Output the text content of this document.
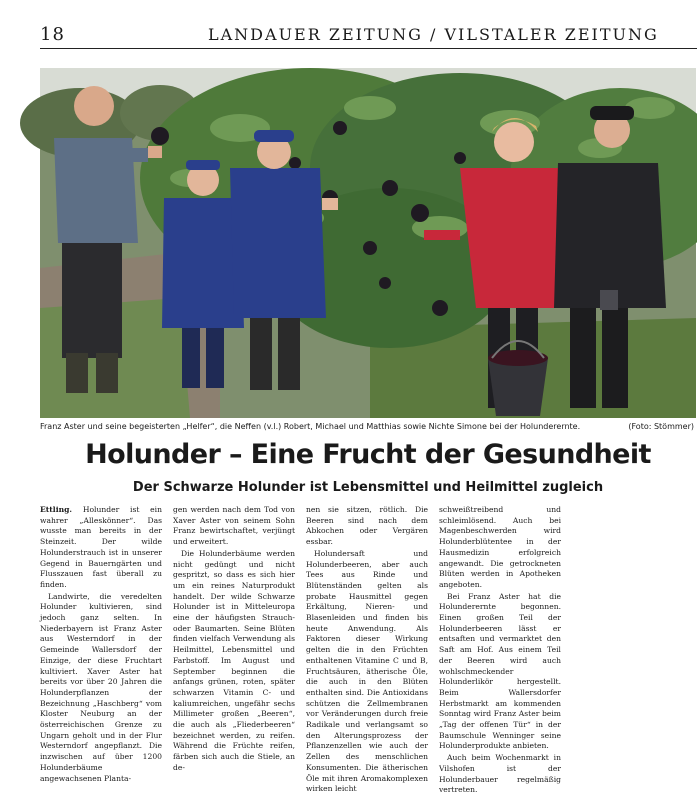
18	LANDAUER ZEITUNG / VILSTALER ZEITUNG
Franz Aster und seine begeisterten „Helfer“, die Neffen (v.l.) Robert, Michael und Matthias sowie Nichte Simone bei der Holunderernte.	(Foto: Stömmer)
Holunder – Eine Frucht der Gesundheit
Der Schwarze Holunder ist Lebensmittel und Heilmittel zugleich

Ettling. Holunder ist ein wahrer „Alleskönner“. Das wusste man bereits in der Steinzeit. Der wilde Holunderstrauch ist in unserer Gegend in Bauerngärten und Flusszauen fast überall zu finden.

Landwirte, die veredelten Holunder kultivieren, sind jedoch ganz selten. In Niederbayern ist Franz Aster aus Westerndorf in der Gemeinde Wallersdorf der Einzige, der diese Fruchtart kultiviert. Xaver Aster hat bereits vor über 20 Jahren die Holunderpflanzen der Bezeichnung „Haschberg“ vom Kloster Neuburg an der österreichischen Grenze zu Ungarn geholt und in der Flur Westerndorf angepflanzt. Die inzwischen auf über 1200 Holunderbäume angewachsenen Planta-

gen werden nach dem Tod von Xaver Aster von seinem Sohn Franz bewirtschaftet, verjüngt und erweitert.

Die Holunderbäume werden nicht gedüngt und nicht gespritzt, so dass es sich hier um ein reines Naturprodukt handelt. Der wilde Schwarze Holunder ist in Mitteleuropa eine der häufigsten Strauch- oder Baumarten. Seine Blüten finden vielfach Verwendung als Heilmittel, Lebensmittel und Farbstoff. Im August und September beginnen die anfangs grünen, roten, später schwarzen Vitamin C- und kaliumreichen, ungefähr sechs Millimeter großen „Beeren“, die auch als „Fliederbeeren“ bezeichnet werden, zu reifen. Während die Früchte reifen, färben sich auch die Stiele, an de-

nen sie sitzen, rötlich. Die Beeren sind nach dem Abkochen oder Vergären essbar.

Holundersaft und Holunderbeeren, aber auch Tees aus Rinde und Blütenständen gelten als probate Hausmittel gegen Erkältung, Nieren- und Blasenleiden und finden bis heute Anwendung. Als Faktoren dieser Wirkung gelten die in den Früchten enthaltenen Vitamine C und B, Fruchtsäuren, ätherische Öle, die auch in den Blüten enthalten sind. Die Antioxidans schützen die Zellmembranen vor Veränderungen durch freie Radikale und verlangsamt so den Alterungsprozess der Pflanzenzellen wie auch der Zellen des menschlichen Konsumenten. Die ätherischen Öle mit ihren Aromakomplexen wirken leicht

schweißtreibend und schleimlösend. Auch bei Magenbeschwerden wird Holunderblütentee in der Hausmedizin erfolgreich angewandt. Die getrockneten Blüten werden in Apotheken angeboten.

Bei Franz Aster hat die Holunderernte begonnen. Einen großen Teil der Holunderbeeren lässt er entsaften und vermarktet den Saft am Hof. Aus einem Teil der Beeren wird auch wohlschmeckender Holunderlikör hergestellt. Beim Wallersdorfer Herbstmarkt am kommenden Sonntag wird Franz Aster beim „Tag der offenen Tür“ in der Baumschule Wenninger seine Holunderprodukte anbieten.

Auch beim Wochenmarkt in Vilshofen ist der Holunderbauer regelmäßig vertreten.
